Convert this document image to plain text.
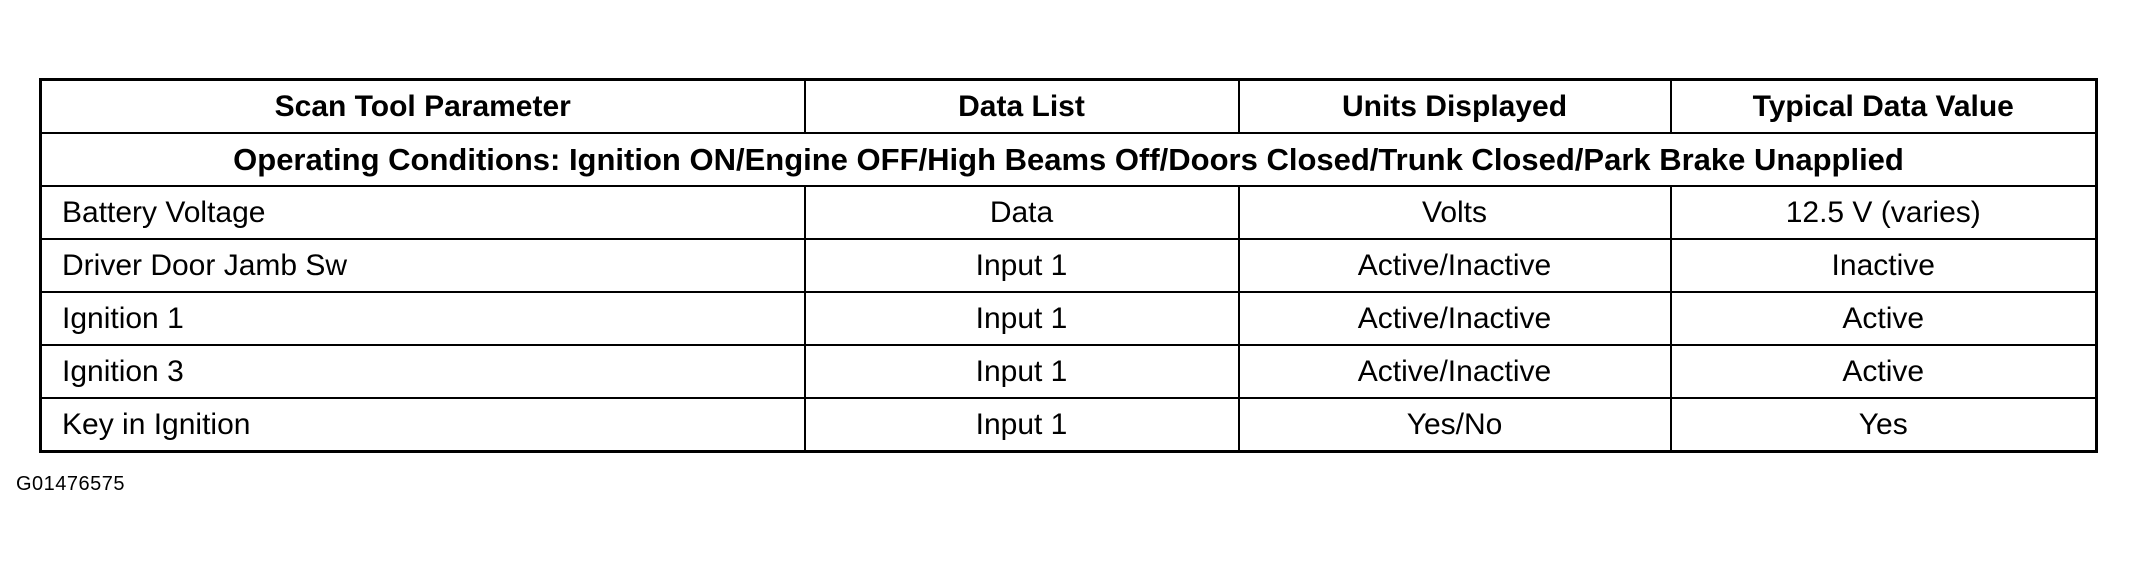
Scan Tool Parameter	Data List	Units Displayed	Typical Data Value
Operating Conditions: Ignition ON/Engine OFF/High Beams Off/Doors Closed/Trunk Closed/Park Brake Unapplied			
Battery Voltage	Data	Volts	12.5 V (varies)
Driver Door Jamb Sw	Input 1	Active/Inactive	Inactive
Ignition 1	Input 1	Active/Inactive	Active
Ignition 3	Input 1	Active/Inactive	Active
Key in Ignition	Input 1	Yes/No	Yes
G01476575
